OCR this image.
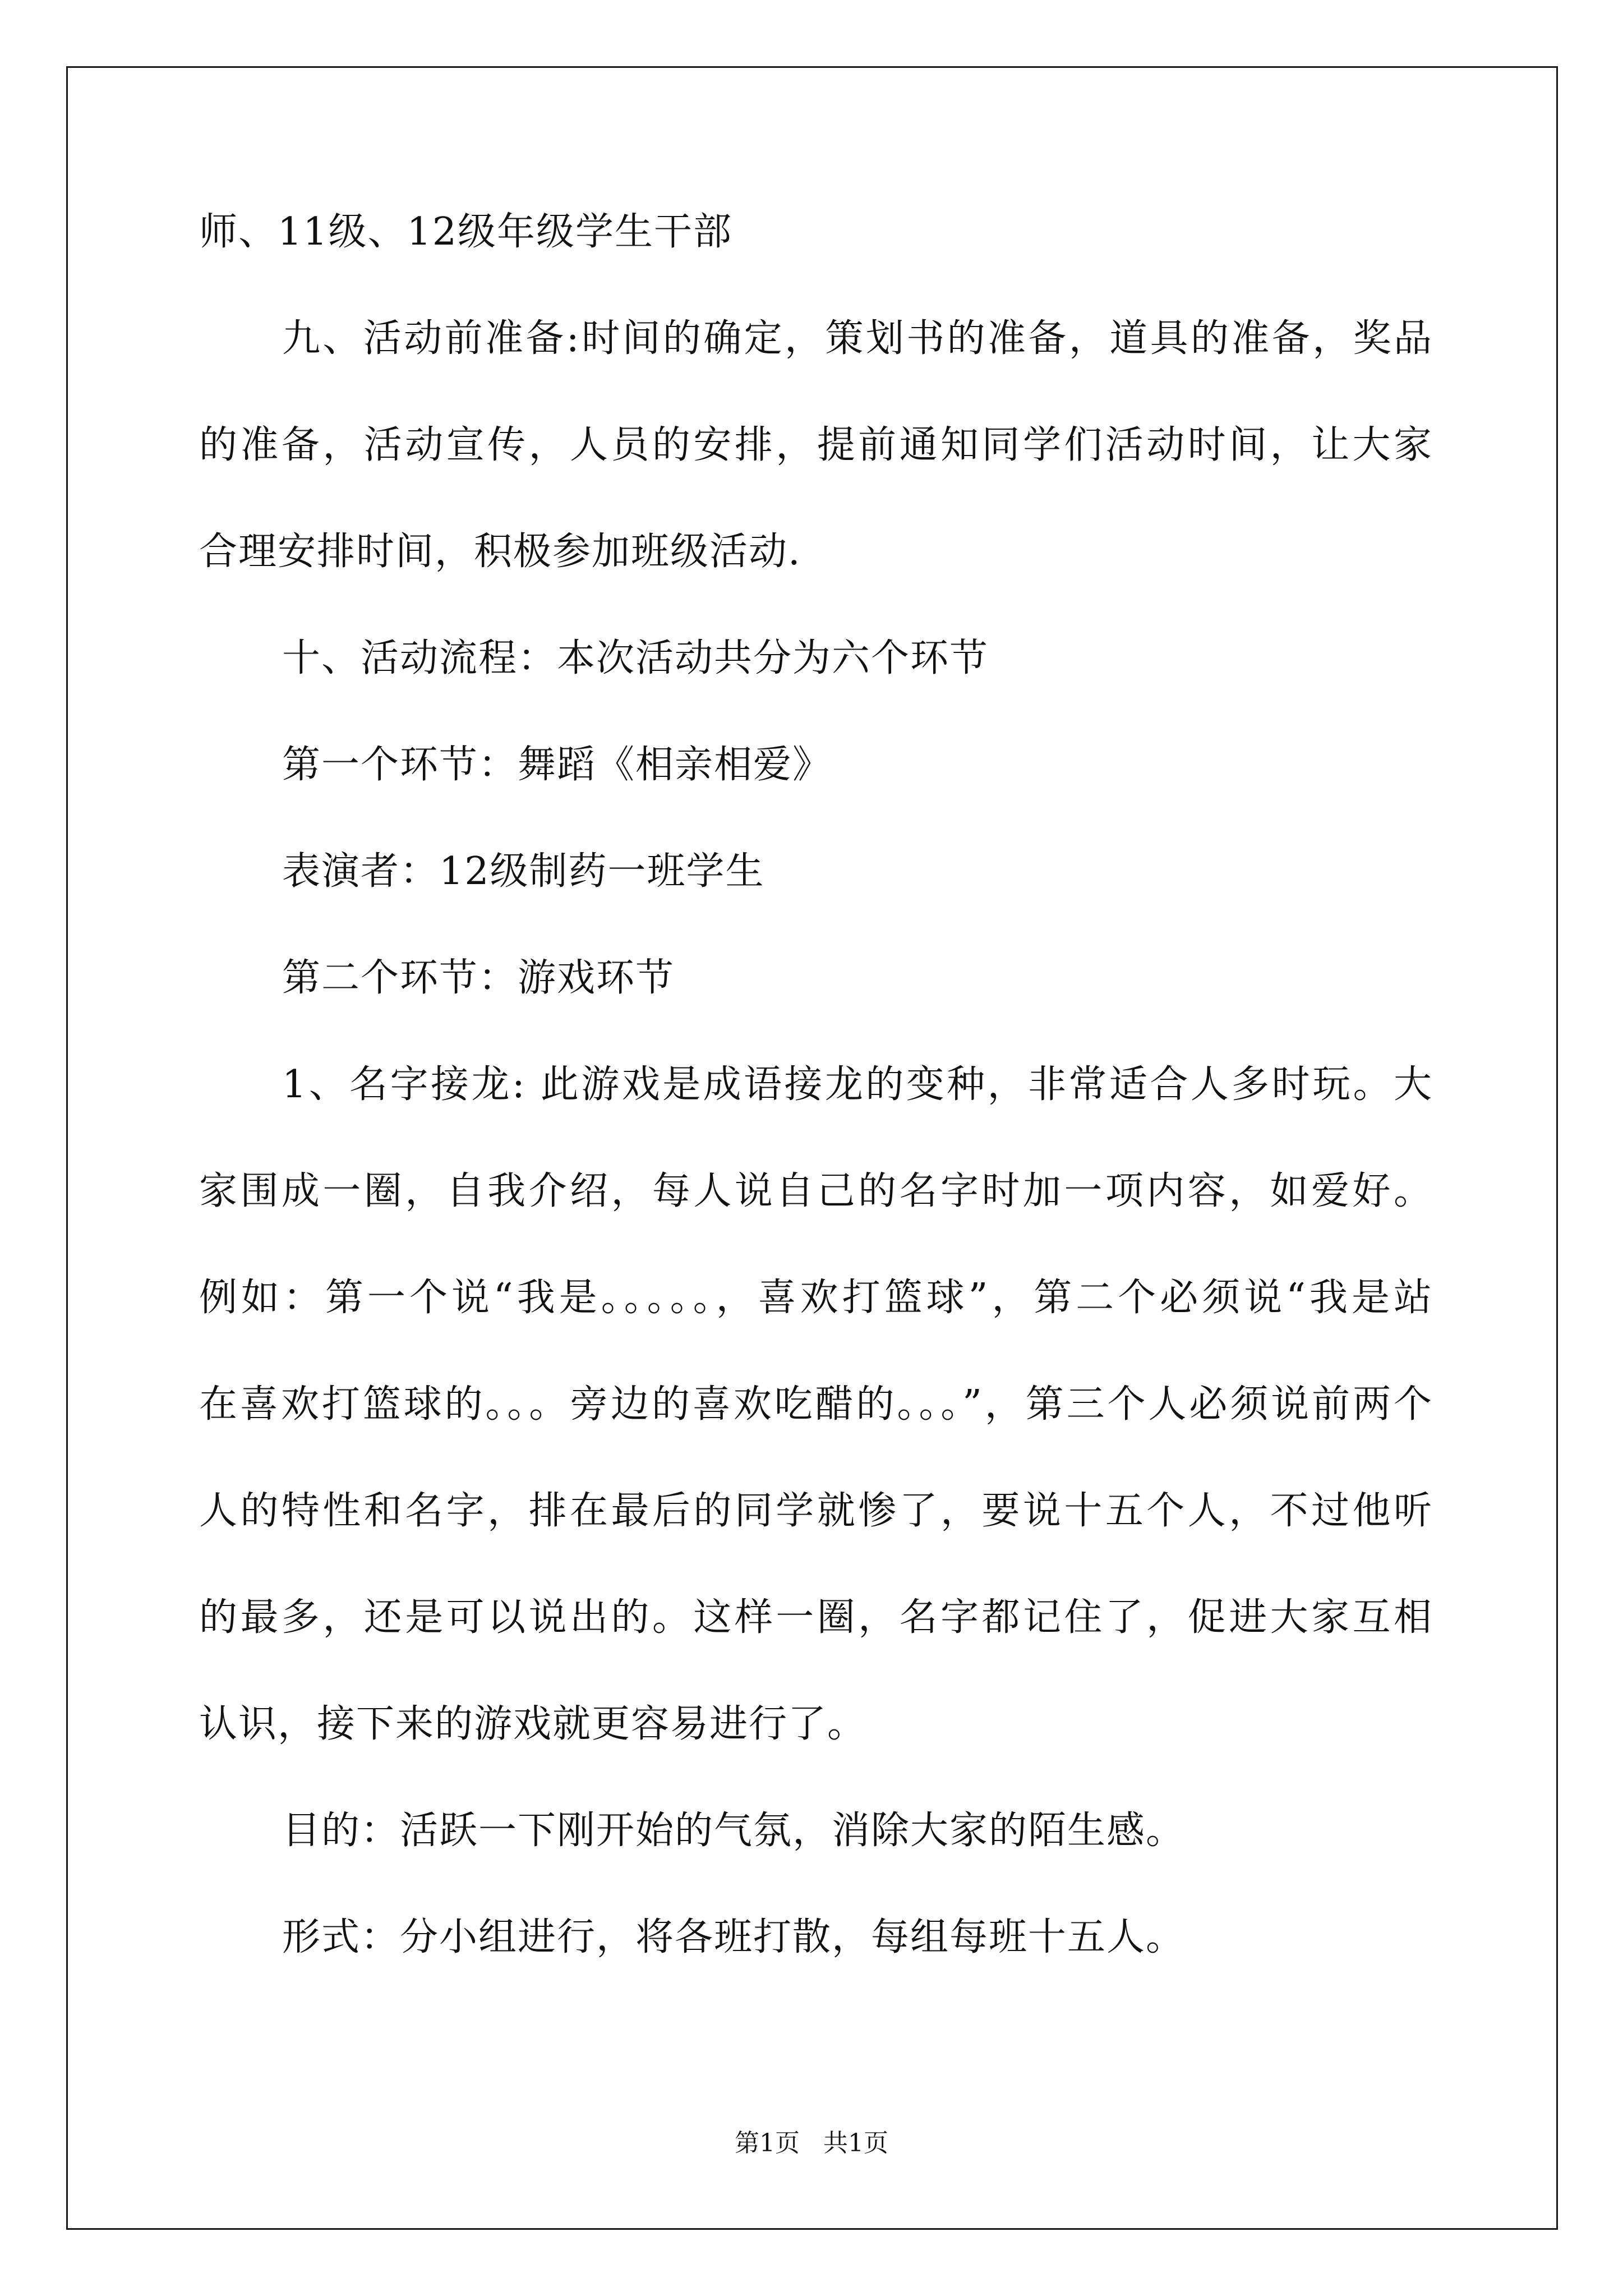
师、11级、12级年级学生干部
九、活动前准备:时间的确定，策划书的准备，道具的准备，奖品
的准备，活动宣传，人员的安排，提前通知同学们活动时间，让大家
合理安排时间，积极参加班级活动.
十、活动流程：本次活动共分为六个环节
第一个环节：舞蹈《相亲相爱》
表演者：12级制药一班学生
第二个环节：游戏环节
1、名字接龙: 此游戏是成语接龙的变种，非常适合人多时玩。大
家围成一圈，自我介绍，每人说自己的名字时加一项内容，如爱好。
例如：第一个说“我是。。。。。，喜欢打篮球”，第二个必须说“我是站
在喜欢打篮球的。。。旁边的喜欢吃醋的。。。”，第三个人必须说前两个
人的特性和名字，排在最后的同学就惨了，要说十五个人，不过他听
的最多，还是可以说出的。这样一圈，名字都记住了，促进大家互相
认识，接下来的游戏就更容易进行了。
目的：活跃一下刚开始的气氛，消除大家的陌生感。
形式：分小组进行，将各班打散，每组每班十五人。
第1页   共1页
